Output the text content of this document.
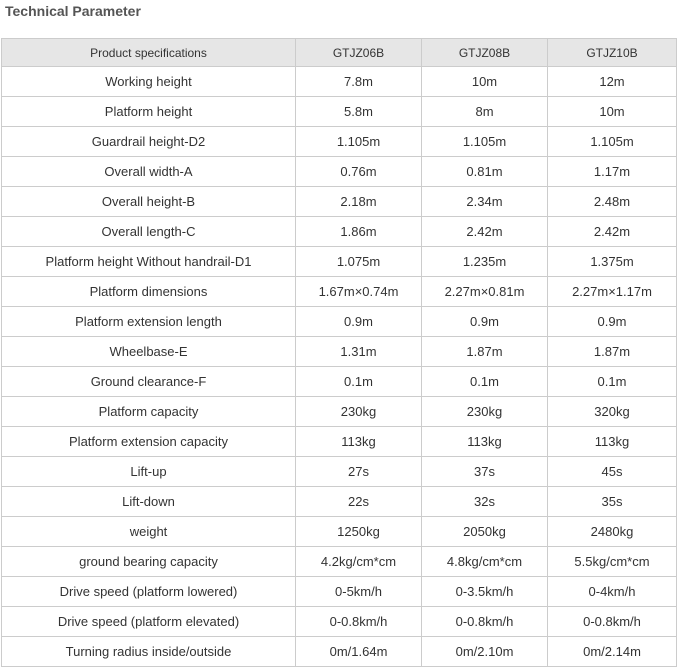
Technical Parameter
Product specifications	GTJZ06B	GTJZ08B	GTJZ10B
Working height	7.8m	10m	12m
Platform height	5.8m	8m	10m
Guardrail height-D2	1.105m	1.105m	1.105m
Overall width-A	0.76m	0.81m	1.17m
Overall height-B	2.18m	2.34m	2.48m
Overall length-C	1.86m	2.42m	2.42m
Platform height Without handrail-D1	1.075m	1.235m	1.375m
Platform dimensions	1.67m×0.74m	2.27m×0.81m	2.27m×1.17m
Platform extension length	0.9m	0.9m	0.9m
Wheelbase-E	1.31m	1.87m	1.87m
Ground clearance-F	0.1m	0.1m	0.1m
Platform capacity	230kg	230kg	320kg
Platform extension capacity	113kg	113kg	113kg
Lift-up	27s	37s	45s
Lift-down	22s	32s	35s
weight	1250kg	2050kg	2480kg
ground bearing capacity	4.2kg/cm*cm	4.8kg/cm*cm	5.5kg/cm*cm
Drive speed (platform lowered)	0-5km/h	0-3.5km/h	0-4km/h
Drive speed (platform elevated)	0-0.8km/h	0-0.8km/h	0-0.8km/h
Turning radius inside/outside	0m/1.64m	0m/2.10m	0m/2.14m
